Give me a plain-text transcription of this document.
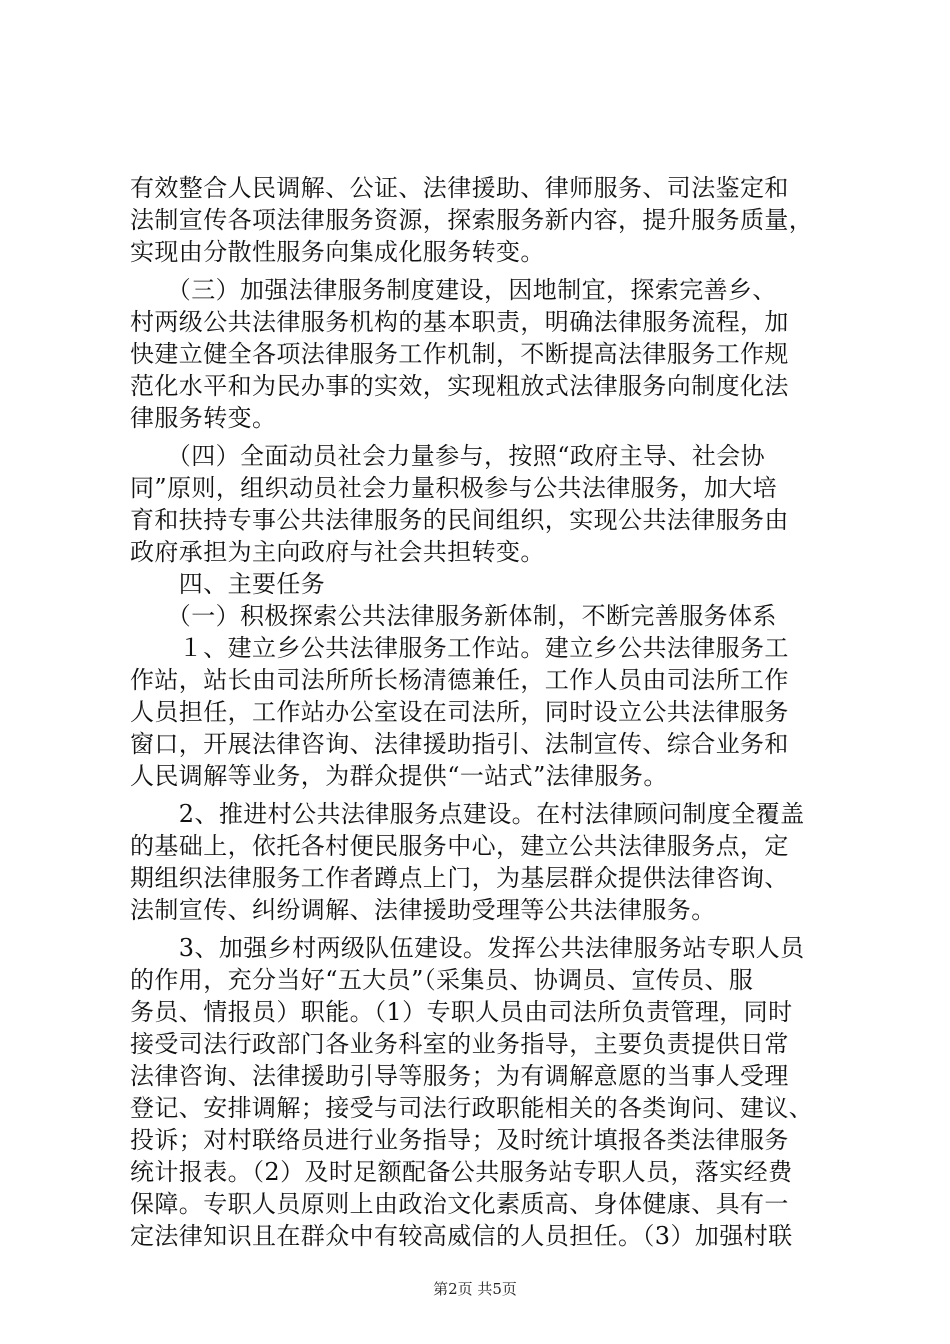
有效整合人民调解、公证、法律援助、律师服务、司法鉴定和
法制宣传各项法律服务资源，探索服务新内容，提升服务质量，
实现由分散性服务向集成化服务转变。
　　（三）加强法律服务制度建设，因地制宜，探索完善乡、
村两级公共法律服务机构的基本职责，明确法律服务流程，加
快建立健全各项法律服务工作机制，不断提高法律服务工作规
范化水平和为民办事的实效，实现粗放式法律服务向制度化法
律服务转变。
　　（四）全面动员社会力量参与，按照“政府主导、社会协
同”原则，组织动员社会力量积极参与公共法律服务，加大培
育和扶持专事公共法律服务的民间组织，实现公共法律服务由
政府承担为主向政府与社会共担转变。
　　四、主要任务
　　（一）积极探索公共法律服务新体制，不断完善服务体系
　　１、建立乡公共法律服务工作站。建立乡公共法律服务工
作站，站长由司法所所长杨清德兼任，工作人员由司法所工作
人员担任，工作站办公室设在司法所，同时设立公共法律服务
窗口，开展法律咨询、法律援助指引、法制宣传、综合业务和
人民调解等业务，为群众提供“一站式”法律服务。
　　2、推进村公共法律服务点建设。在村法律顾问制度全覆盖
的基础上，依托各村便民服务中心，建立公共法律服务点，定
期组织法律服务工作者蹲点上门，为基层群众提供法律咨询、
法制宣传、纠纷调解、法律援助受理等公共法律服务。
　　3、加强乡村两级队伍建设。发挥公共法律服务站专职人员
的作用，充分当好“五大员”（采集员、协调员、宣传员、服
务员、情报员）职能。（1）专职人员由司法所负责管理，同时
接受司法行政部门各业务科室的业务指导，主要负责提供日常
法律咨询、法律援助引导等服务；为有调解意愿的当事人受理
登记、安排调解；接受与司法行政职能相关的各类询问、建议、
投诉；对村联络员进行业务指导；及时统计填报各类法律服务
统计报表。（2）及时足额配备公共服务站专职人员，落实经费
保障。专职人员原则上由政治文化素质高、身体健康、具有一
定法律知识且在群众中有较高威信的人员担任。（3）加强村联
第2页 共5页
